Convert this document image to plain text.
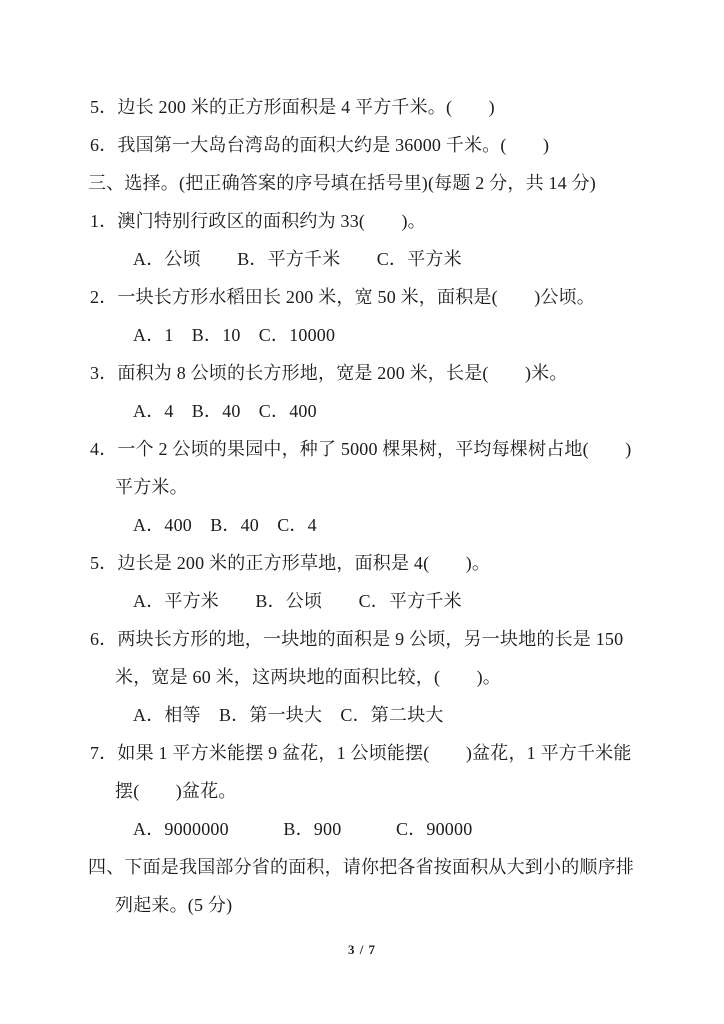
5．边长 200 米的正方形面积是 4 平方千米。(　　)
6．我国第一大岛台湾岛的面积大约是 36000 千米。(　　)
三、选择。(把正确答案的序号填在括号里)(每题 2 分，共 14 分)
1．澳门特别行政区的面积约为 33(　　)。
A．公顷　　B．平方千米　　C．平方米
2．一块长方形水稻田长 200 米，宽 50 米，面积是(　　)公顷。
A．1　B．10　C．10000
3．面积为 8 公顷的长方形地，宽是 200 米，长是(　　)米。
A．4　B．40　C．400
4．一个 2 公顷的果园中，种了 5000 棵果树，平均每棵树占地(　　)
平方米。
A．400　B．40　C．4
5．边长是 200 米的正方形草地，面积是 4(　　)。
A．平方米　　B．公顷　　C．平方千米
6．两块长方形的地，一块地的面积是 9 公顷，另一块地的长是 150
米，宽是 60 米，这两块地的面积比较，(　　)。
A．相等　B．第一块大　C．第二块大
7．如果 1 平方米能摆 9 盆花，1 公顷能摆(　　)盆花，1 平方千米能
摆(　　)盆花。
A．9000000　　　B．900　　　C．90000
四、下面是我国部分省的面积，请你把各省按面积从大到小的顺序排
列起来。(5 分)
3 / 7
